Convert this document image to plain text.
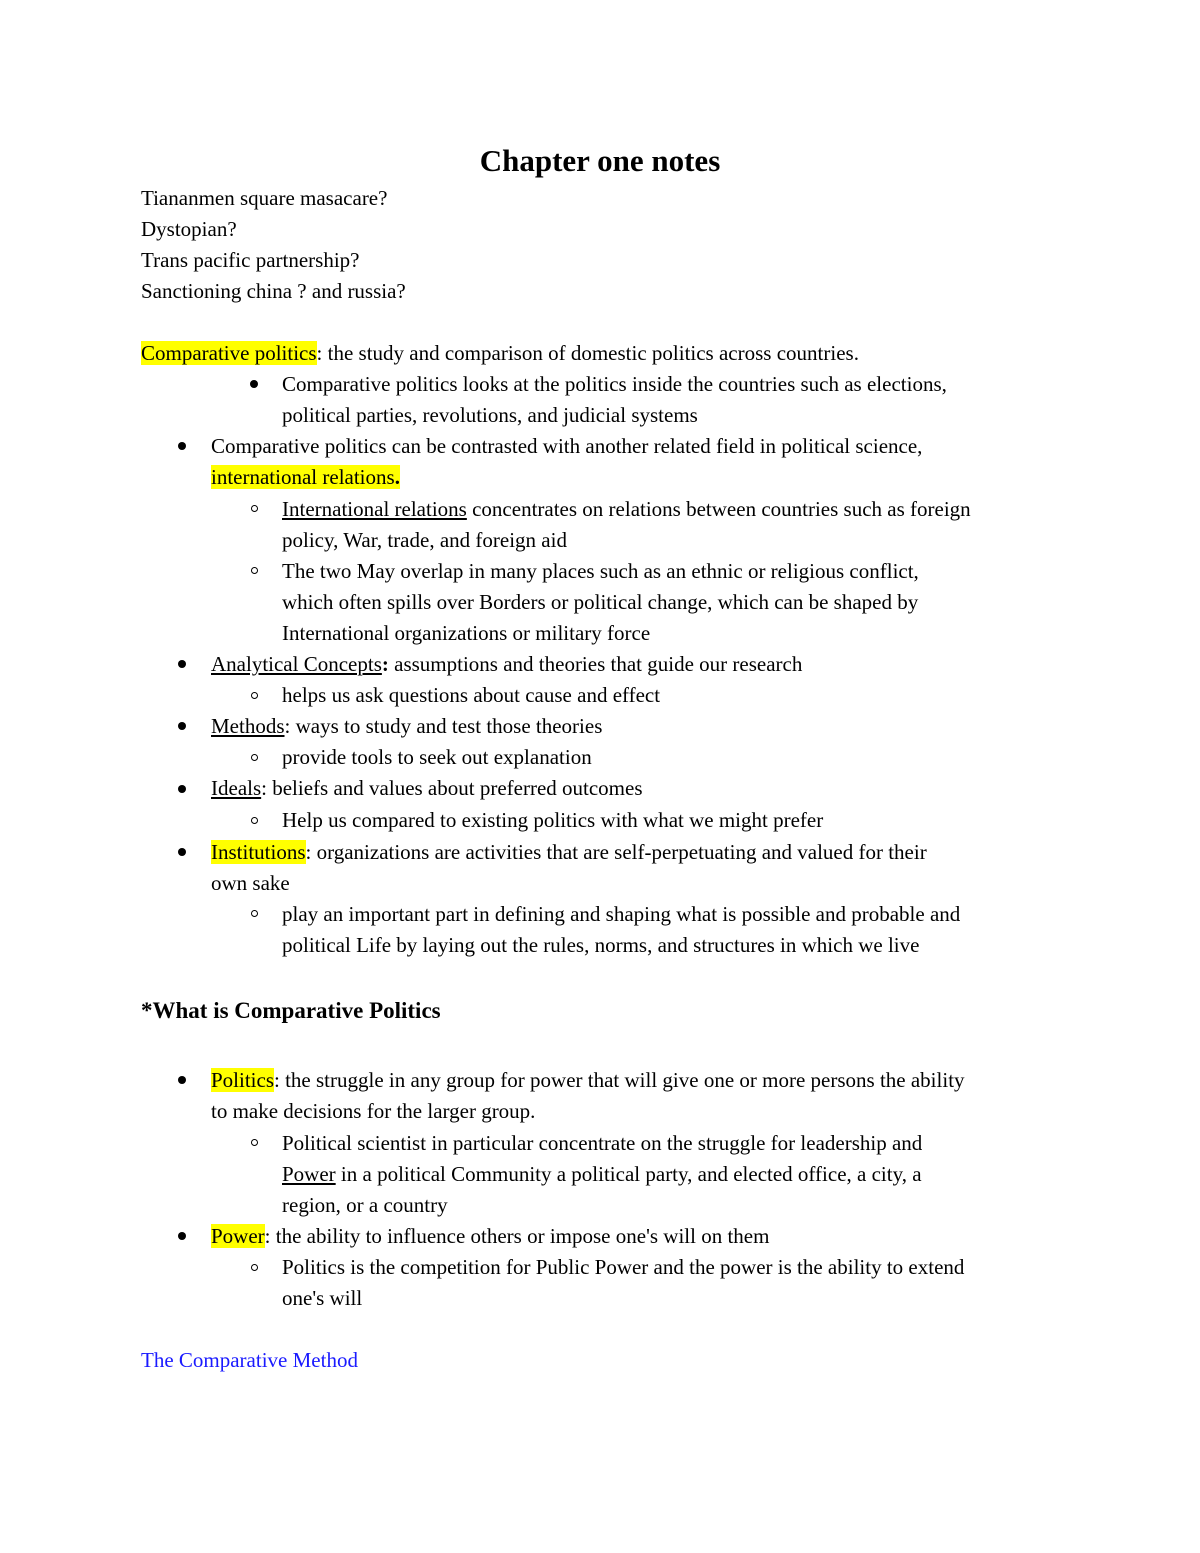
Chapter one notes
Tiananmen square masacare?
Dystopian?
Trans pacific partnership?
Sanctioning china ? and russia?
Comparative politics: the study and comparison of domestic politics across countries.
Comparative politics looks at the politics inside the countries such as elections,
political parties, revolutions, and judicial systems
Comparative politics can be contrasted with another related field in political science,
international relations.
International relations concentrates on relations between countries such as foreign
policy, War, trade, and foreign aid
The two May overlap in many places such as an ethnic or religious conflict,
which often spills over Borders or political change, which can be shaped by
International organizations or military force
Analytical Concepts: assumptions and theories that guide our research
helps us ask questions about cause and effect
Methods: ways to study and test those theories
provide tools to seek out explanation
Ideals: beliefs and values about preferred outcomes
Help us compared to existing politics with what we might prefer
Institutions: organizations are activities that are self-perpetuating and valued for their
own sake
play an important part in defining and shaping what is possible and probable and
political Life by laying out the rules, norms, and structures in which we live
*What is Comparative Politics
Politics: the struggle in any group for power that will give one or more persons the ability
to make decisions for the larger group.
Political scientist in particular concentrate on the struggle for leadership and
Power in a political Community a political party, and elected office, a city, a
region, or a country
Power: the ability to influence others or impose one's will on them
Politics is the competition for Public Power and the power is the ability to extend
one's will
The Comparative Method
